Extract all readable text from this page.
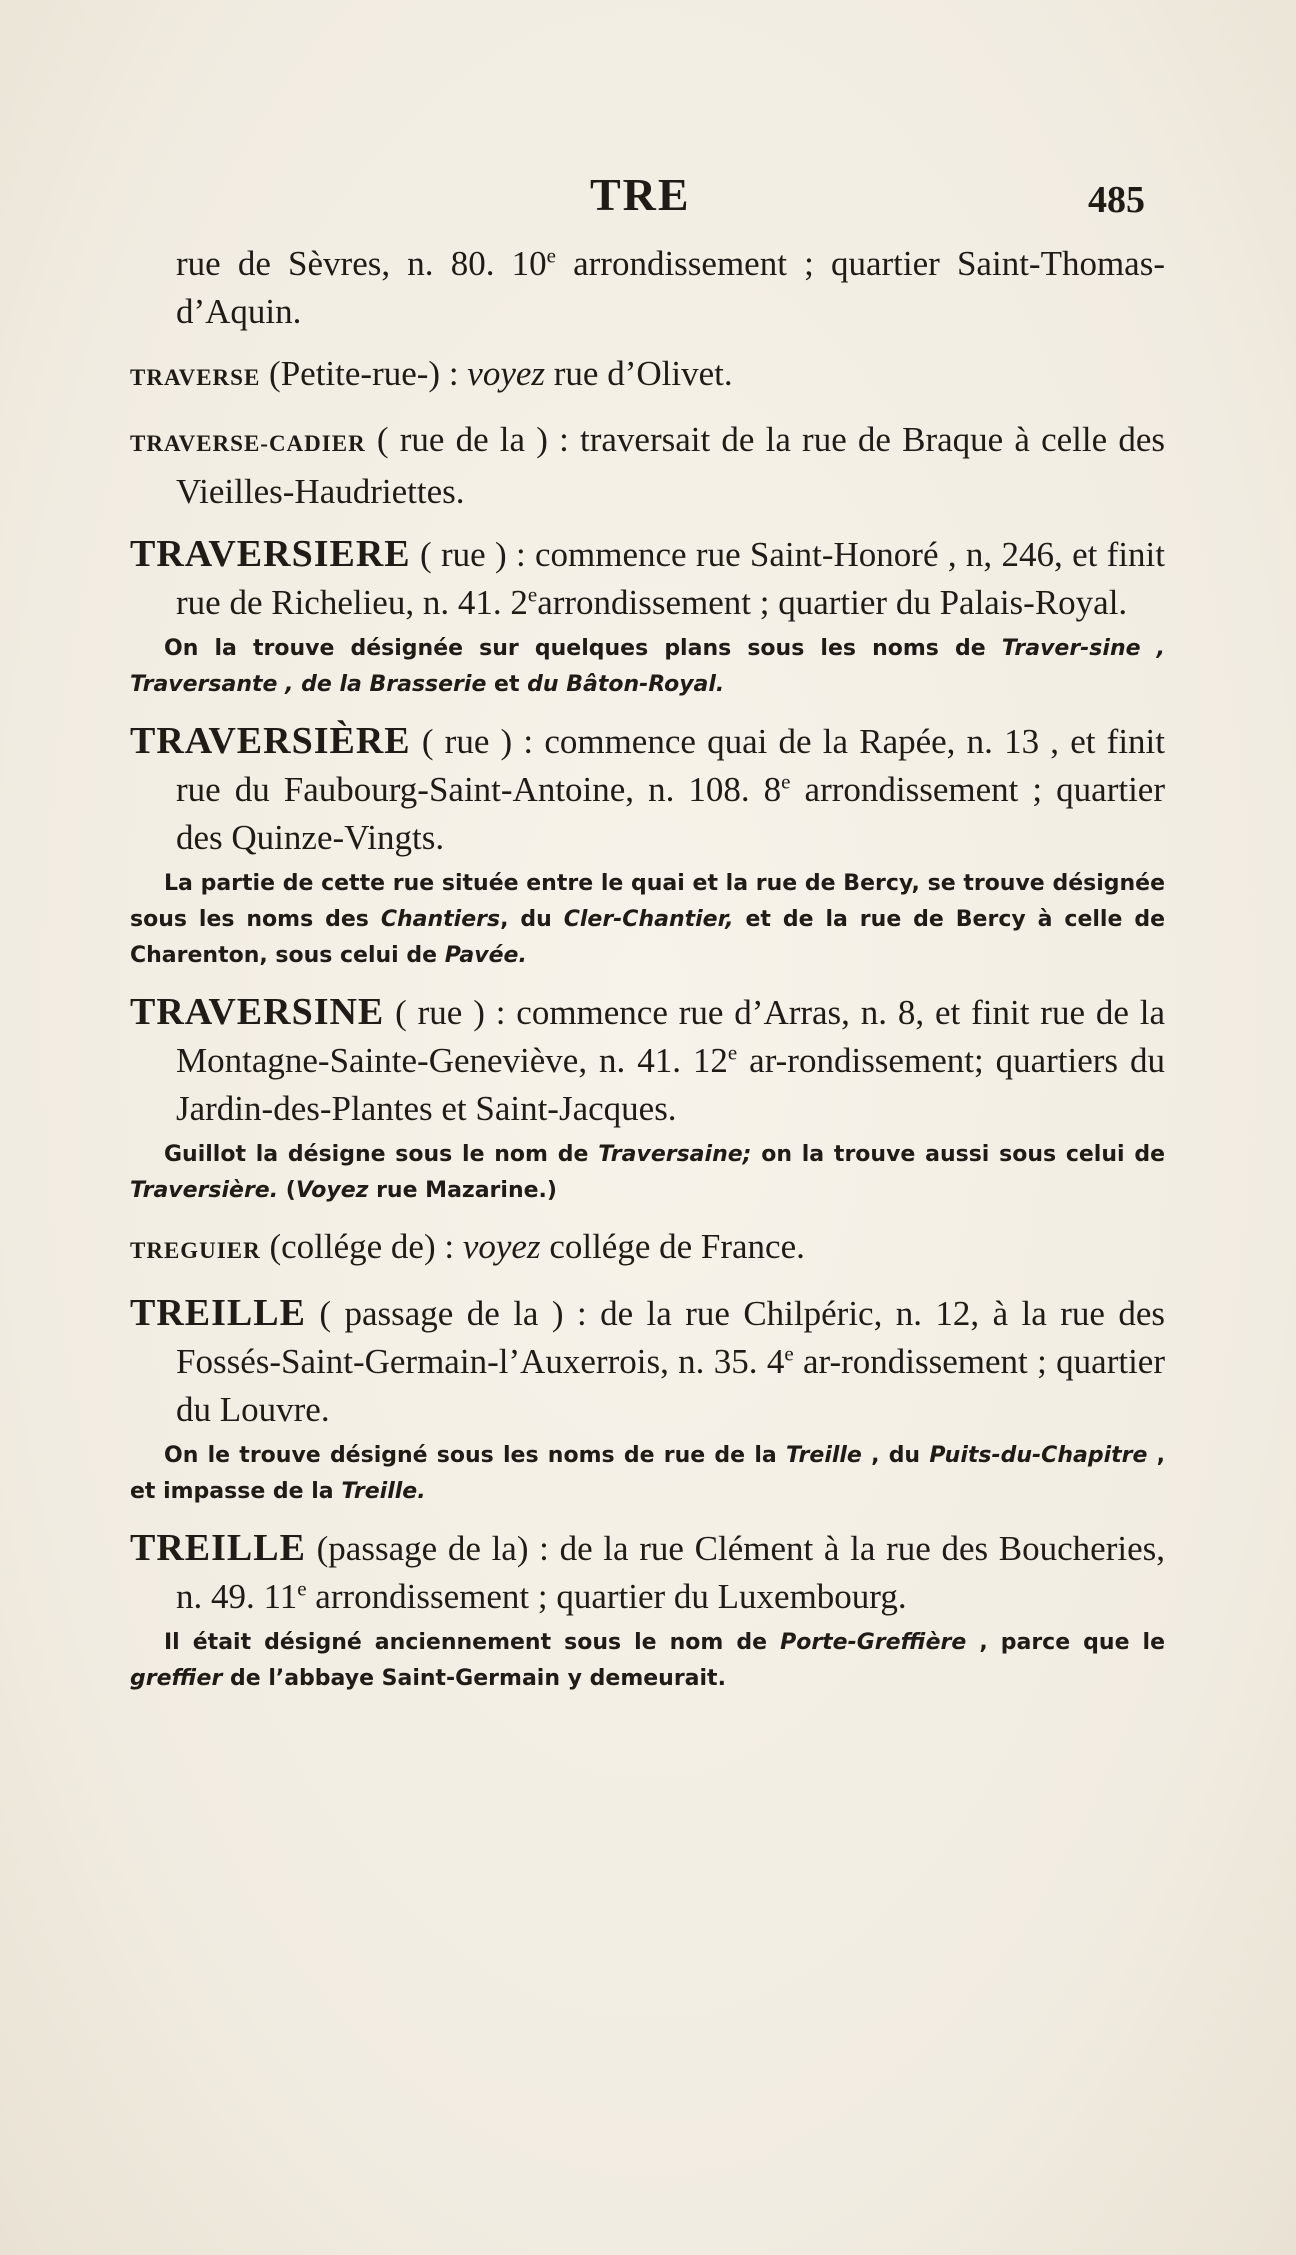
TRE	485

rue de Sèvres, n. 80. 10e arrondissement ; quartier Saint-Thomas-d’Aquin.

TRAVERSE (Petite-rue-) : voyez rue d’Olivet.

TRAVERSE-CADIER ( rue de la ) : traversait de la rue de Braque à celle des Vieilles-Haudriettes.

TRAVERSIERE ( rue ) : commence rue Saint-Honoré , n, 246, et finit rue de Richelieu, n. 41. 2earrondissement ; quartier du Palais-Royal.

On la trouve désignée sur quelques plans sous les noms de Traver-sine , Traversante , de la Brasserie et du Bâton-Royal.

TRAVERSIÈRE ( rue ) : commence quai de la Rapée, n. 13 , et finit rue du Faubourg-Saint-Antoine, n. 108. 8e arrondissement ; quartier des Quinze-Vingts.

La partie de cette rue située entre le quai et la rue de Bercy, se trouve désignée sous les noms des Chantiers, du Cler-Chantier, et de la rue de Bercy à celle de Charenton, sous celui de Pavée.

TRAVERSINE ( rue ) : commence rue d’Arras, n. 8, et finit rue de la Montagne-Sainte-Geneviève, n. 41. 12e ar-rondissement; quartiers du Jardin-des-Plantes et Saint-Jacques.

Guillot la désigne sous le nom de Traversaine; on la trouve aussi sous celui de Traversière. (Voyez rue Mazarine.)

TREGUIER (collége de) : voyez collége de France.

TREILLE ( passage de la ) : de la rue Chilpéric, n. 12, à la rue des Fossés-Saint-Germain-l’Auxerrois, n. 35. 4e ar-rondissement ; quartier du Louvre.

On le trouve désigné sous les noms de rue de la Treille , du Puits-du-Chapitre , et impasse de la Treille.

TREILLE (passage de la) : de la rue Clément à la rue des Boucheries, n. 49. 11e arrondissement ; quartier du Luxembourg.

Il était désigné anciennement sous le nom de Porte-Greffière , parce que le greffier de l’abbaye Saint-Germain y demeurait.
